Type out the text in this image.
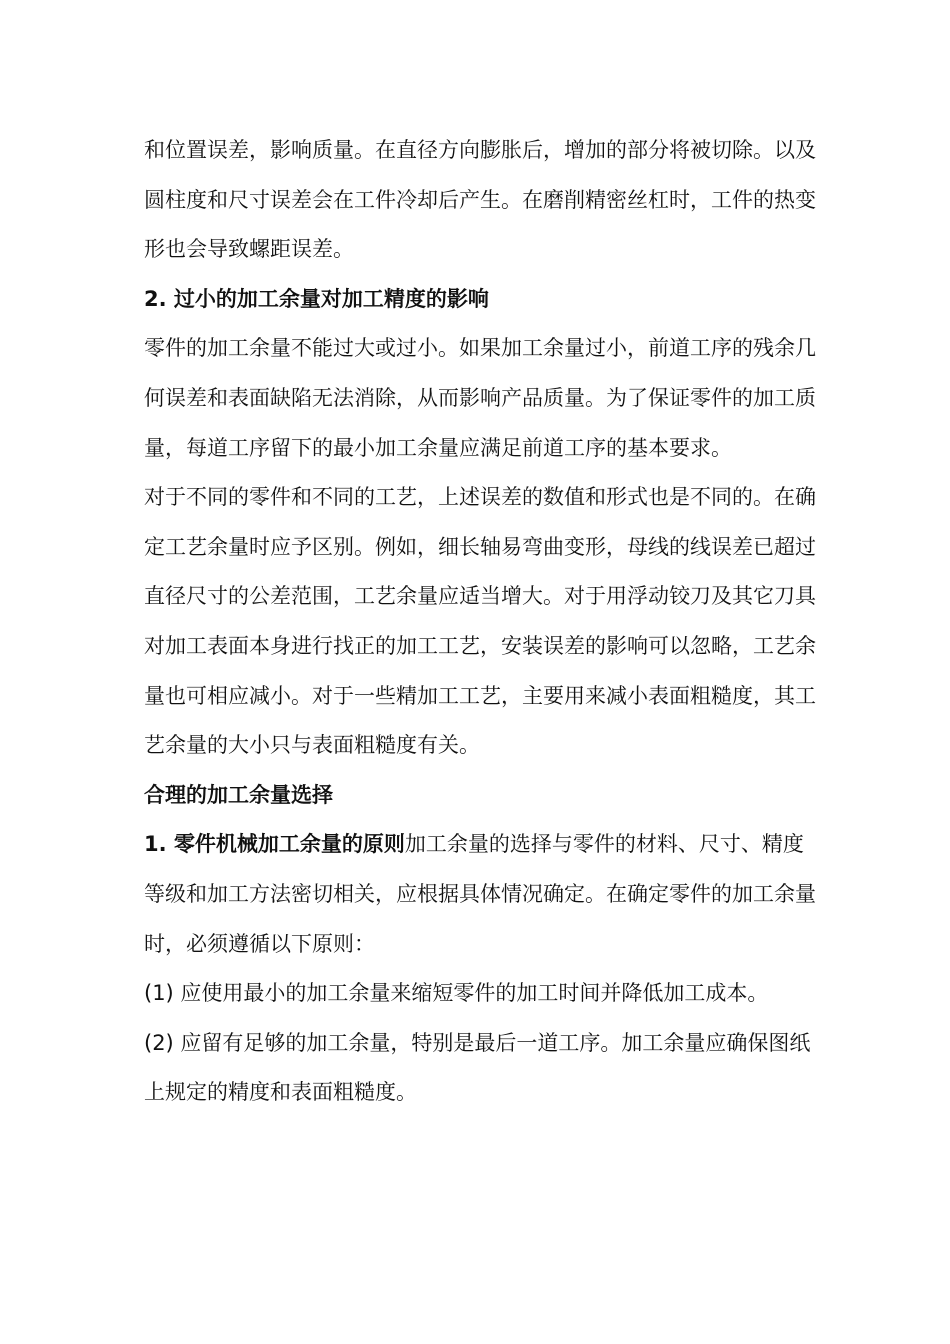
和位置误差，影响质量。在直径方向膨胀后，增加的部分将被切除。以及圆柱度和尺寸误差会在工件冷却后产生。在磨削精密丝杠时，工件的热变形也会导致螺距误差。

2. 过小的加工余量对加工精度的影响

零件的加工余量不能过大或过小。如果加工余量过小，前道工序的残余几何误差和表面缺陷无法消除，从而影响产品质量。为了保证零件的加工质量，每道工序留下的最小加工余量应满足前道工序的基本要求。

对于不同的零件和不同的工艺，上述误差的数值和形式也是不同的。在确定工艺余量时应予区别。例如，细长轴易弯曲变形，母线的线误差已超过直径尺寸的公差范围，工艺余量应适当增大。对于用浮动铰刀及其它刀具对加工表面本身进行找正的加工工艺，安装误差的影响可以忽略，工艺余量也可相应减小。对于一些精加工工艺，主要用来减小表面粗糙度，其工艺余量的大小只与表面粗糙度有关。

合理的加工余量选择

1. 零件机械加工余量的原则加工余量的选择与零件的材料、尺寸、精度等级和加工方法密切相关，应根据具体情况确定。在确定零件的加工余量时，必须遵循以下原则：

(1) 应使用最小的加工余量来缩短零件的加工时间并降低加工成本。

(2) 应留有足够的加工余量，特别是最后一道工序。加工余量应确保图纸上规定的精度和表面粗糙度。
